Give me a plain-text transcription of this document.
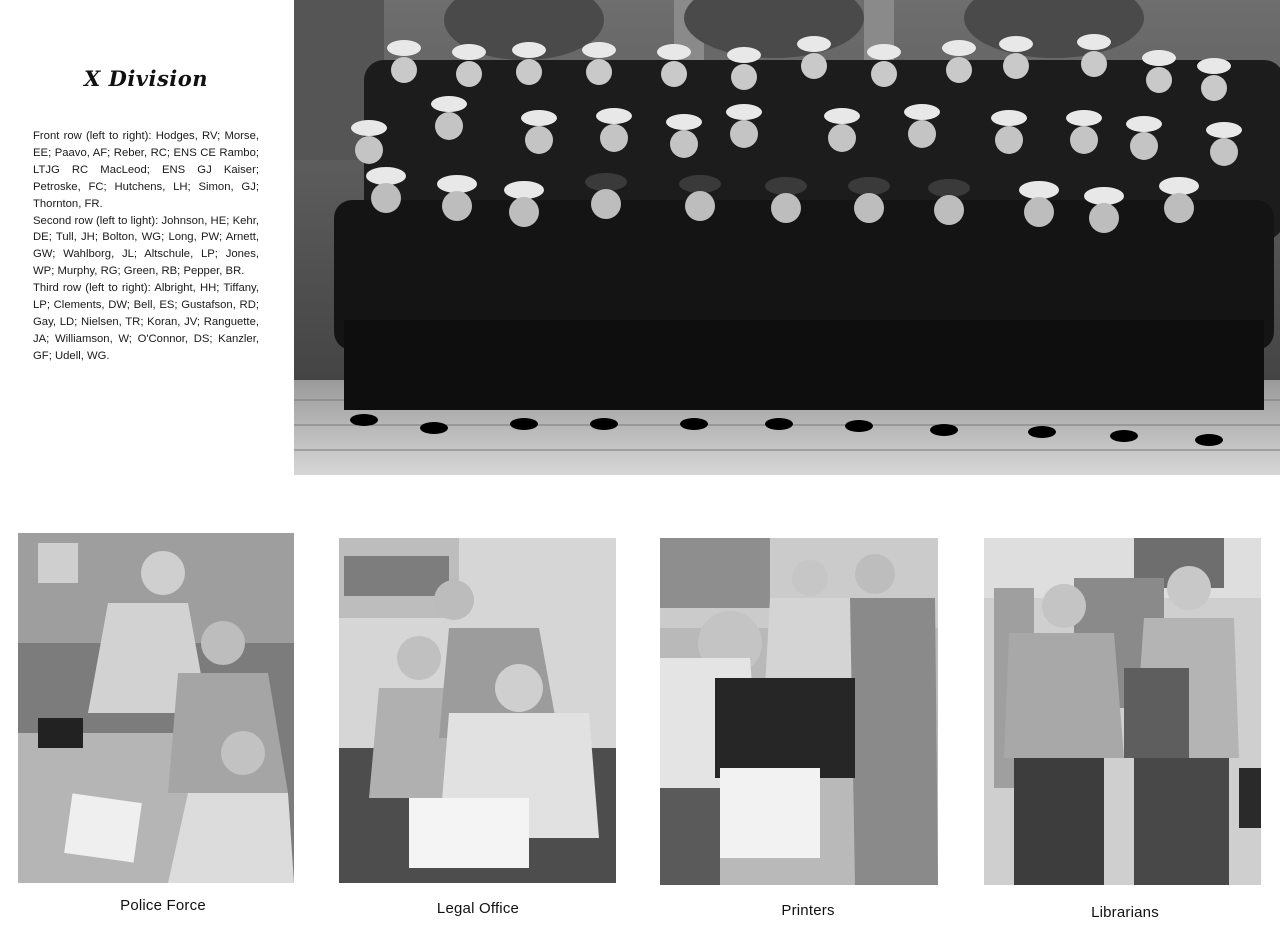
X Division

Front row (left to right): Hodges, RV; Morse, EE; Paavo, AF; Reber, RC; ENS CE Rambo; LTJG RC MacLeod; ENS GJ Kaiser; Petroske, FC; Hutchens, LH; Simon, GJ; Thornton, FR.

Second row (left to light): Johnson, HE; Kehr, DE; Tull, JH; Bolton, WG; Long, PW; Arnett, GW; Wahlborg, JL; Altschule, LP; Jones, WP; Murphy, RG; Green, RB; Pepper, BR.

Third row (left to right): Albright, HH; Tiffany, LP; Clements, DW; Bell, ES; Gustafson, RD; Gay, LD; Nielsen, TR; Koran, JV; Ranguette, JA; Williamson, W; O'Connor, DS; Kanzler, GF; Udell, WG.

Police Force	Legal Office	Printers	Librarians
